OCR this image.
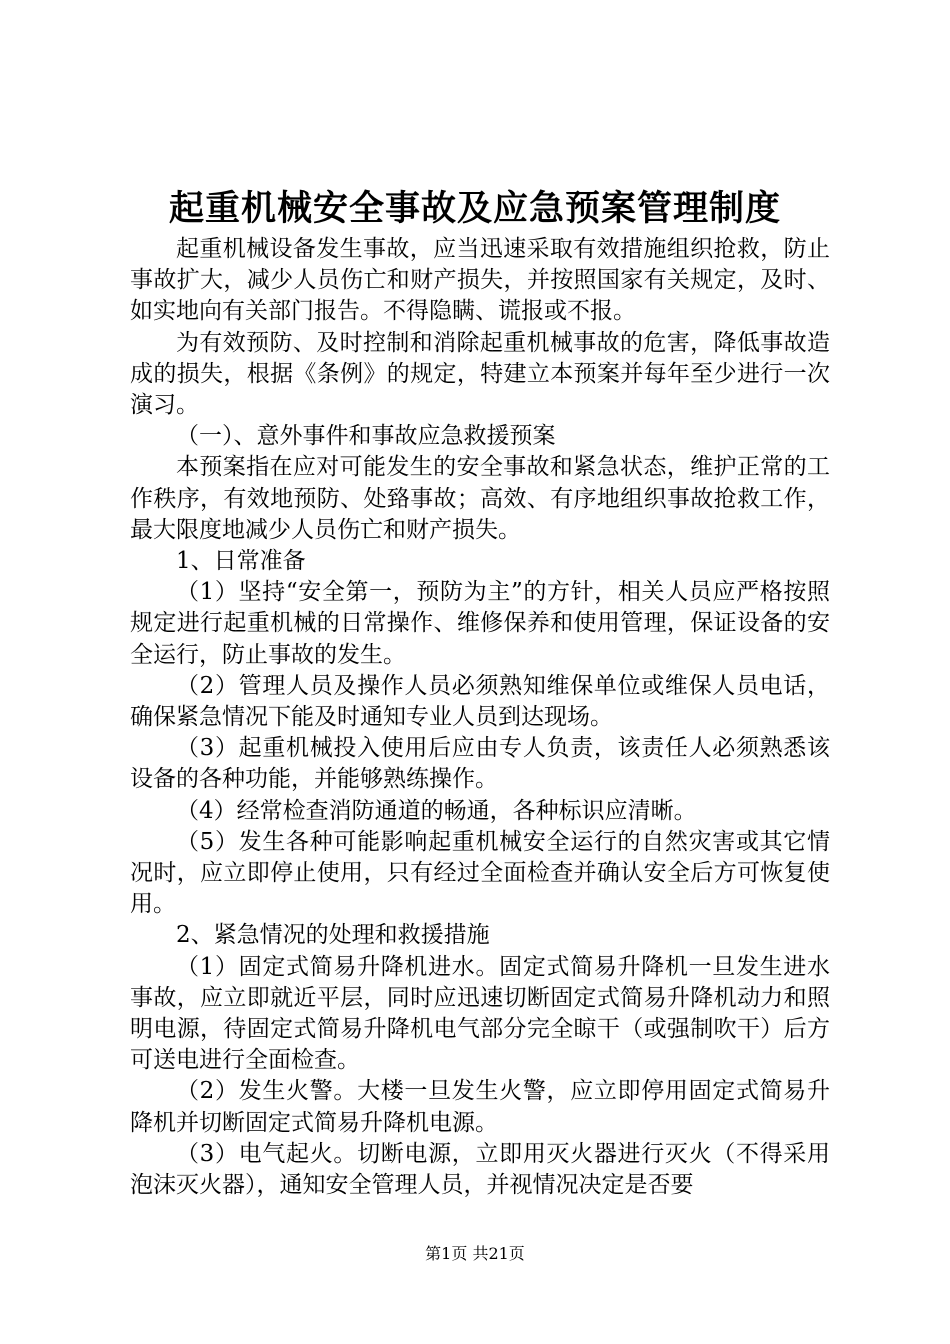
起重机械安全事故及应急预案管理制度

起重机械设备发生事故，应当迅速采取有效措施组织抢救，防止事故扩大，减少人员伤亡和财产损失，并按照国家有关规定，及时、如实地向有关部门报告。不得隐瞒、谎报或不报。

为有效预防、及时控制和消除起重机械事故的危害，降低事故造成的损失，根据《条例》的规定，特建立本预案并每年至少进行一次演习。

（一）、意外事件和事故应急救援预案

本预案指在应对可能发生的安全事故和紧急状态，维护正常的工作秩序，有效地预防、处臵事故；高效、有序地组织事故抢救工作，最大限度地减少人员伤亡和财产损失。

1、日常准备

（1）坚持“安全第一，预防为主”的方针，相关人员应严格按照规定进行起重机械的日常操作、维修保养和使用管理，保证设备的安全运行，防止事故的发生。

（2）管理人员及操作人员必须熟知维保单位或维保人员电话，确保紧急情况下能及时通知专业人员到达现场。

（3）起重机械投入使用后应由专人负责，该责任人必须熟悉该设备的各种功能，并能够熟练操作。

（4）经常检查消防通道的畅通，各种标识应清晰。

（5）发生各种可能影响起重机械安全运行的自然灾害或其它情况时，应立即停止使用，只有经过全面检查并确认安全后方可恢复使用。

2、紧急情况的处理和救援措施

（1）固定式简易升降机进水。固定式简易升降机一旦发生进水事故，应立即就近平层，同时应迅速切断固定式简易升降机动力和照明电源，待固定式简易升降机电气部分完全晾干（或强制吹干）后方可送电进行全面检查。

（2）发生火警。大楼一旦发生火警，应立即停用固定式简易升降机并切断固定式简易升降机电源。

（3）电气起火。切断电源，立即用灭火器进行灭火（不得采用泡沫灭火器），通知安全管理人员，并视情况决定是否要

第1页 共21页
